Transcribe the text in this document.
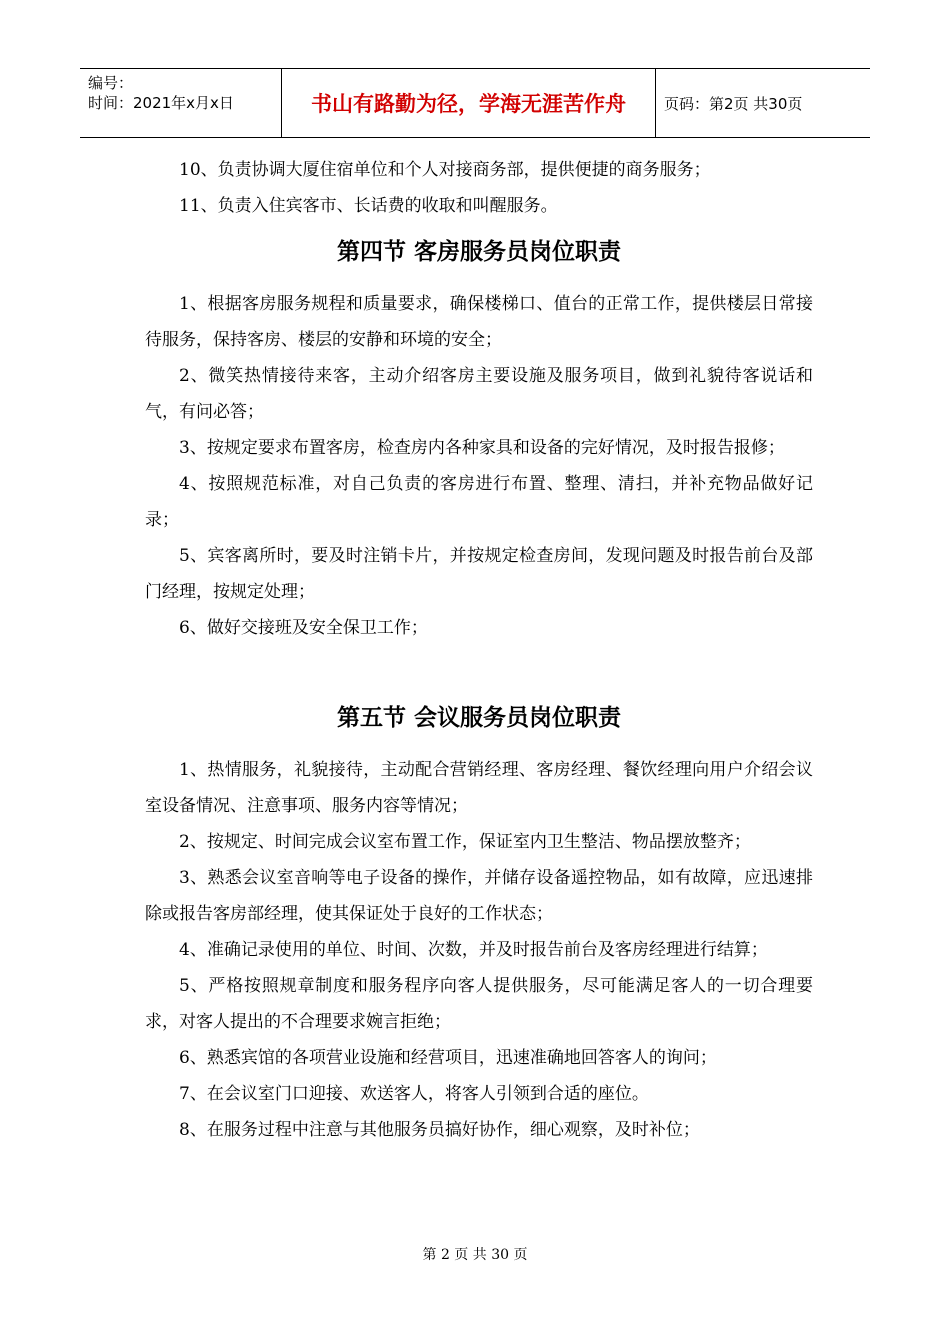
编号：
时间：2021年x月x日	书山有路勤为径，学海无涯苦作舟	页码：第2页 共30页

10、负责协调大厦住宿单位和个人对接商务部，提供便捷的商务服务；

11、负责入住宾客市、长话费的收取和叫醒服务。

第四节 客房服务员岗位职责

1、根据客房服务规程和质量要求，确保楼梯口、值台的正常工作，提供楼层日常接待服务，保持客房、楼层的安静和环境的安全；

2、微笑热情接待来客，主动介绍客房主要设施及服务项目，做到礼貌待客说话和气，有问必答；

3、按规定要求布置客房，检查房内各种家具和设备的完好情况，及时报告报修；

4、按照规范标准，对自己负责的客房进行布置、整理、清扫，并补充物品做好记录；

5、宾客离所时，要及时注销卡片，并按规定检查房间，发现问题及时报告前台及部门经理，按规定处理；

6、做好交接班及安全保卫工作；

第五节 会议服务员岗位职责

1、热情服务，礼貌接待，主动配合营销经理、客房经理、餐饮经理向用户介绍会议室设备情况、注意事项、服务内容等情况；

2、按规定、时间完成会议室布置工作，保证室内卫生整洁、物品摆放整齐；

3、熟悉会议室音响等电子设备的操作，并储存设备遥控物品，如有故障，应迅速排除或报告客房部经理，使其保证处于良好的工作状态；

4、准确记录使用的单位、时间、次数，并及时报告前台及客房经理进行结算；

5、严格按照规章制度和服务程序向客人提供服务，尽可能满足客人的一切合理要求，对客人提出的不合理要求婉言拒绝；

6、熟悉宾馆的各项营业设施和经营项目，迅速准确地回答客人的询问；

7、在会议室门口迎接、欢送客人，将客人引领到合适的座位。

8、在服务过程中注意与其他服务员搞好协作，细心观察，及时补位；

第 2 页 共 30 页
